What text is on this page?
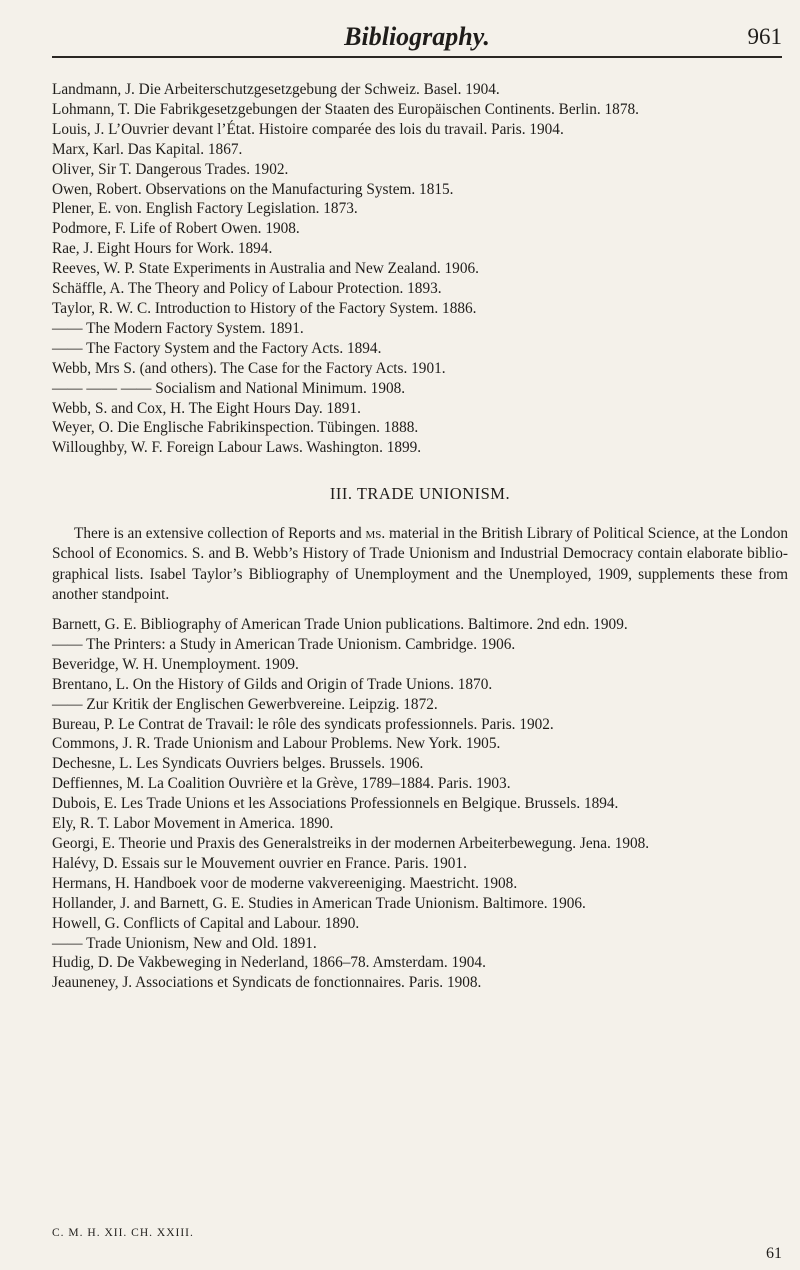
Bibliography.	961
Landmann, J. Die Arbeiterschutzgesetzgebung der Schweiz. Basel. 1904.
Lohmann, T. Die Fabrikgesetzgebungen der Staaten des Europäischen Continents. Berlin. 1878.
Louis, J. L’Ouvrier devant l’État. Histoire comparée des lois du travail. Paris. 1904.
Marx, Karl. Das Kapital. 1867.
Oliver, Sir T. Dangerous Trades. 1902.
Owen, Robert. Observations on the Manufacturing System. 1815.
Plener, E. von. English Factory Legislation. 1873.
Podmore, F. Life of Robert Owen. 1908.
Rae, J. Eight Hours for Work. 1894.
Reeves, W. P. State Experiments in Australia and New Zealand. 1906.
Schäffle, A. The Theory and Policy of Labour Protection. 1893.
Taylor, R. W. C. Introduction to History of the Factory System. 1886.
—— The Modern Factory System. 1891.
—— The Factory System and the Factory Acts. 1894.
Webb, Mrs S. (and others). The Case for the Factory Acts. 1901.
—— —— —— Socialism and National Minimum. 1908.
Webb, S. and Cox, H. The Eight Hours Day. 1891.
Weyer, O. Die Englische Fabrikinspection. Tübingen. 1888.
Willoughby, W. F. Foreign Labour Laws. Washington. 1899.
III. TRADE UNIONISM.

There is an extensive collection of Reports and ms. material in the British Library of Political Science, at the London School of Economics. S. and B. Webb’s History of Trade Unionism and Industrial Democracy contain elaborate bibliographical lists. Isabel Taylor’s Bibliography of Unemployment and the Unemployed, 1909, supplements these from another standpoint.

Barnett, G. E. Bibliography of American Trade Union publications. Baltimore. 2nd edn. 1909.
—— The Printers: a Study in American Trade Unionism. Cambridge. 1906.
Beveridge, W. H. Unemployment. 1909.
Brentano, L. On the History of Gilds and Origin of Trade Unions. 1870.
—— Zur Kritik der Englischen Gewerbvereine. Leipzig. 1872.
Bureau, P. Le Contrat de Travail: le rôle des syndicats professionnels. Paris. 1902.
Commons, J. R. Trade Unionism and Labour Problems. New York. 1905.
Dechesne, L. Les Syndicats Ouvriers belges. Brussels. 1906.
Deffiennes, M. La Coalition Ouvrière et la Grève, 1789–1884. Paris. 1903.
Dubois, E. Les Trade Unions et les Associations Professionnels en Belgique. Brussels. 1894.
Ely, R. T. Labor Movement in America. 1890.
Georgi, E. Theorie und Praxis des Generalstreiks in der modernen Arbeiterbewegung. Jena. 1908.
Halévy, D. Essais sur le Mouvement ouvrier en France. Paris. 1901.
Hermans, H. Handboek voor de moderne vakvereeniging. Maestricht. 1908.
Hollander, J. and Barnett, G. E. Studies in American Trade Unionism. Baltimore. 1906.
Howell, G. Conflicts of Capital and Labour. 1890.
—— Trade Unionism, New and Old. 1891.
Hudig, D. De Vakbeweging in Nederland, 1866–78. Amsterdam. 1904.
Jeauneney, J. Associations et Syndicats de fonctionnaires. Paris. 1908.
C. M. H. XII. CH. XXIII.
61
